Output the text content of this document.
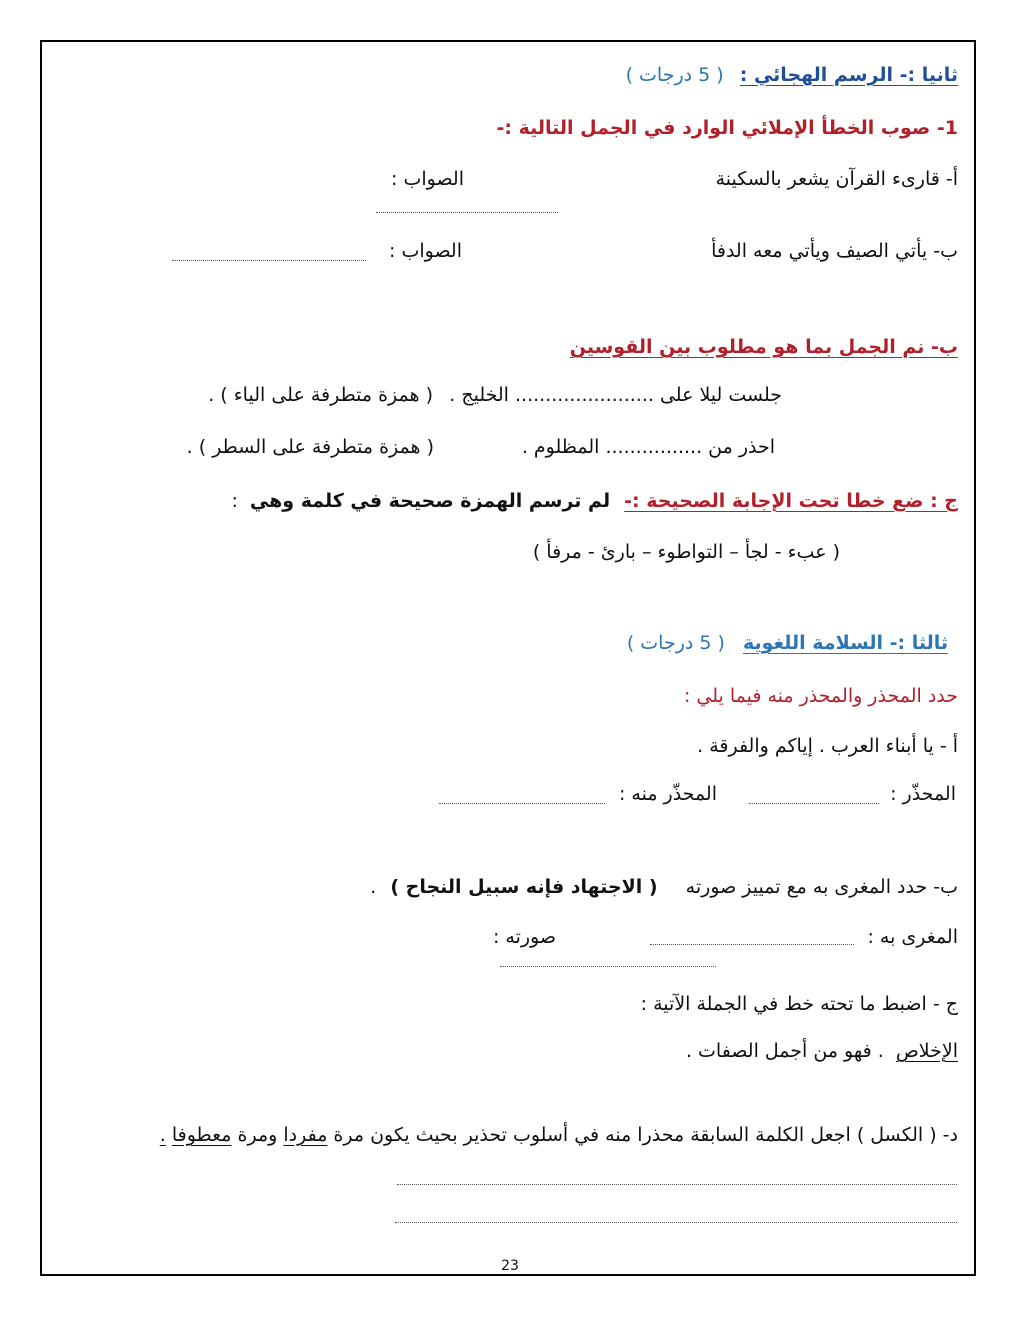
ثانيا :- الرسم الهجائي : ( 5 درجات )
1- صوب الخطأ الإملائي الوارد في الجمل التالية :-
أ- قارىء القرآن يشعر بالسكينة
الصواب :
ب- يأتي الصيف ويأتي معه الدفأ
الصواب :
ب- نم الجمل بما هو مطلوب بين القوسين
جلست ليلا على ....................... الخليج .
( همزة متطرفة على الياء ) .
احذر من ................ المظلوم .
( همزة متطرفة على السطر ) .
ج : ضع خطا تحت الإجابة الصحيحة :- لم ترسم الهمزة صحيحة في كلمة وهي :
( عبء - لجأ – التواطوء – بارئ - مرفأ )
ثالثا :- السلامة اللغوية ( 5 درجات )
حدد المحذر والمحذر منه فيما يلي :
أ - يا أبناء العرب . إياكم والفرقة .
المحذّر :
المحذّر منه :
ب- حدد المغرى به مع تمييز صورته ( الاجتهاد فإنه سبيل النجاح ) .
المغرى به :
صورته :
ج - اضبط ما تحته خط في الجملة الآتية :
الإخلاص . فهو من أجمل الصفات .
د- ( الكسل ) اجعل الكلمة السابقة محذرا منه في أسلوب تحذير بحيث يكون مرة مفردا ومرة معطوفا .
23
